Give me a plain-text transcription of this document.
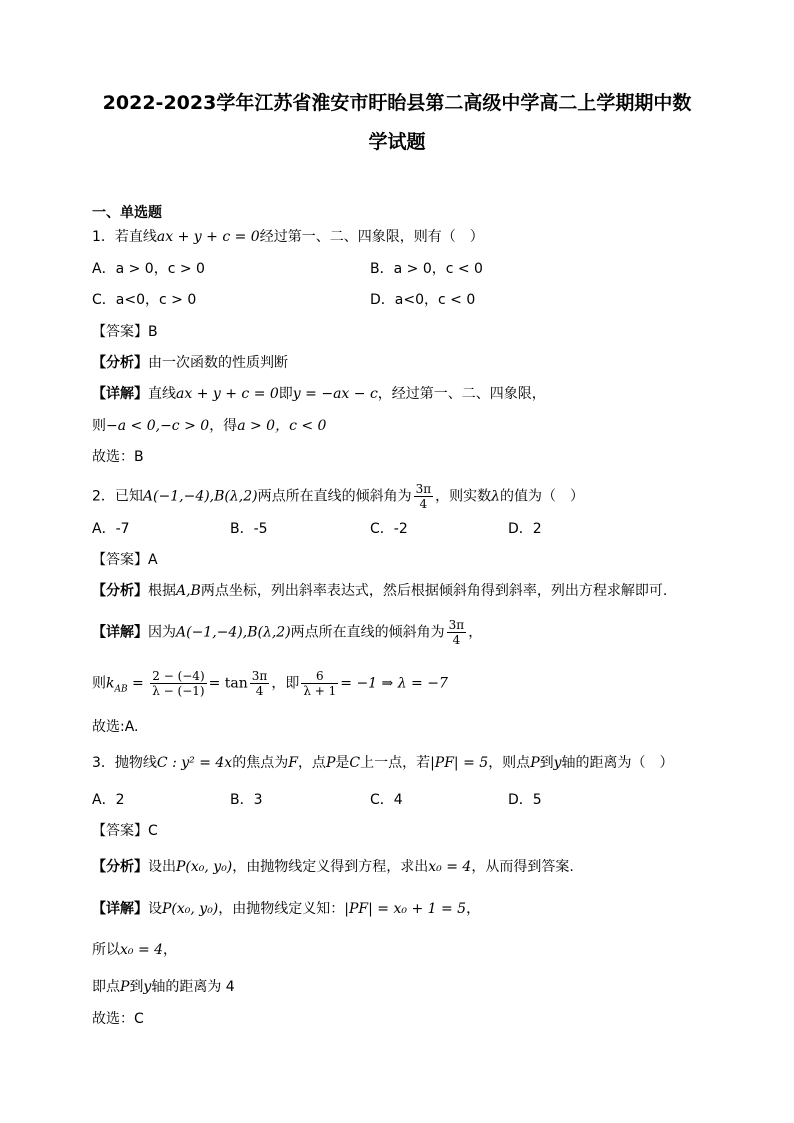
2022-2023学年江苏省淮安市盱眙县第二高级中学高二上学期期中数
学试题
一、单选题
1．若直线ax + y + c = 0经过第一、二、四象限，则有（　）
A．a > 0，c > 0	B．a > 0，c < 0
C．a<0，c > 0	D．a<0，c < 0
【答案】B
【分析】由一次函数的性质判断
【详解】直线ax + y + c = 0即y = −ax − c，经过第一、二、四象限，
则−a < 0,−c > 0，得a > 0，c < 0
故选：B
2．已知A(−1,−4),B(λ,2)两点所在直线的倾斜角为 $\frac{3\pi}{4}$ ，则实数λ的值为（　）
A．-7	B．-5	C．-2	D．2
【答案】A
【分析】根据A,B两点坐标，列出斜率表达式，然后根据倾斜角得到斜率，列出方程求解即可.
【详解】因为A(−1,−4),B(λ,2)两点所在直线的倾斜角为 $\frac{3\pi}{4}$ ，
则$k_{AB} = \frac{2 - (-4)}{\lambda - (-1)} = \tan \frac{3\pi}{4}$ ，即 $\frac{6}{\lambda + 1} = -1$ ⇒ λ = −7
故选:A.
3．抛物线C : y² = 4x的焦点为F，点P是C上一点，若|PF| = 5，则点P到y轴的距离为（　）
A．2	B．3	C．4	D．5
【答案】C
【分析】设出P(x₀, y₀)，由抛物线定义得到方程，求出x₀ = 4，从而得到答案.
【详解】设P(x₀, y₀)，由抛物线定义知：|PF| = x₀ + 1 = 5，
所以x₀ = 4，
即点P到y轴的距离为 4
故选：C
